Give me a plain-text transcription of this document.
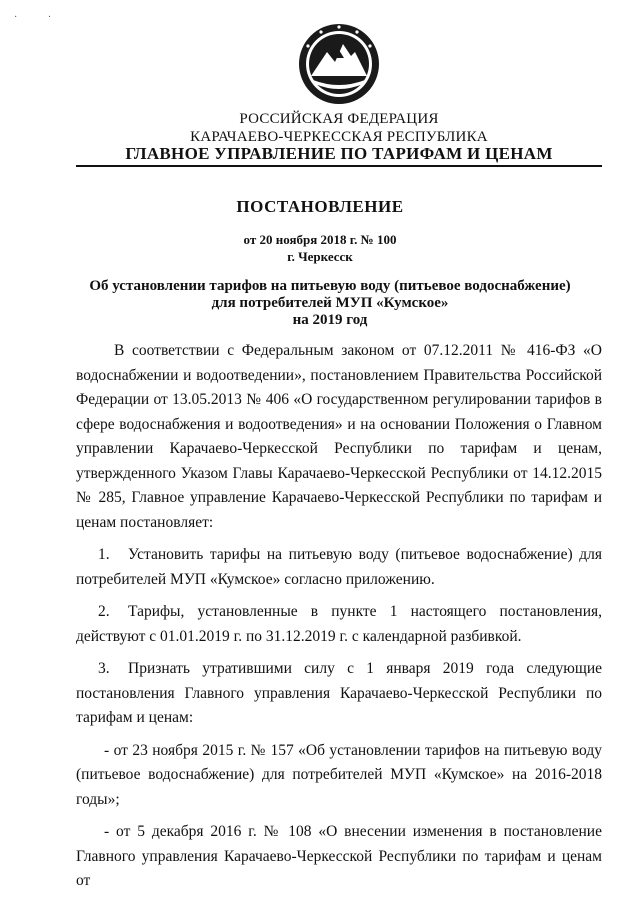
· ·
РОССИЙСКАЯ ФЕДЕРАЦИЯ
КАРАЧАЕВО-ЧЕРКЕССКАЯ РЕСПУБЛИКА
ГЛАВНОЕ УПРАВЛЕНИЕ ПО ТАРИФАМ И ЦЕНАМ
ПОСТАНОВЛЕНИЕ
от 20 ноября 2018 г. № 100
г. Черкесск
Об установлении тарифов на питьевую воду (питьевое водоснабжение)
для потребителей МУП «Кумское»
на 2019 год

В соответствии с Федеральным законом от 07.12.2011 № 416-ФЗ «О водоснабжении и водоотведении», постановлением Правительства Российской Федерации от 13.05.2013 № 406 «О государственном регулировании тарифов в сфере водоснабжения и водоотведения» и на основании Положения о Главном управлении Карачаево-Черкесской Республики по тарифам и ценам, утвержденного Указом Главы Карачаево-Черкесской Республики от 14.12.2015 № 285, Главное управление Карачаево-Черкесской Республики по тарифам и ценам постановляет:

1. Установить тарифы на питьевую воду (питьевое водоснабжение) для потребителей МУП «Кумское» согласно приложению.

2. Тарифы, установленные в пункте 1 настоящего постановления, действуют с 01.01.2019 г. по 31.12.2019 г. с календарной разбивкой.

3. Признать утратившими силу с 1 января 2019 года следующие постановления Главного управления Карачаево-Черкесской Республики по тарифам и ценам:

- от 23 ноября 2015 г. № 157 «Об установлении тарифов на питьевую воду (питьевое водоснабжение) для потребителей МУП «Кумское» на 2016-2018 годы»;

- от 5 декабря 2016 г. № 108 «О внесении изменения в постановление Главного управления Карачаево-Черкесской Республики по тарифам и ценам от
